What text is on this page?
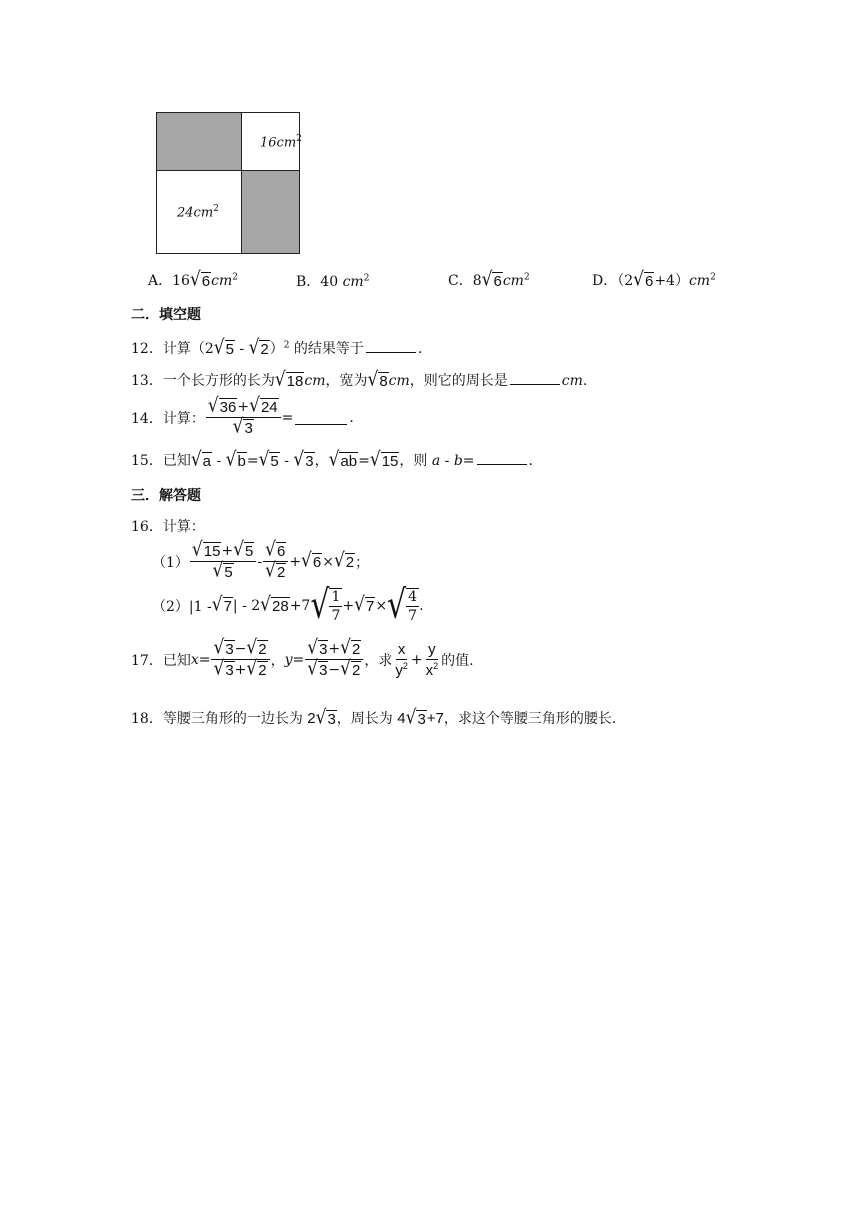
$16cm^2$
$24cm^2$
A．16 √ 6 $cm^2$	B．40 $cm^2$	C．8 √ 6 $cm^2$	D．（2 √ $6 +4)cm^2$
二．填空题
12．计算（2 √ 5 - √ 2 ）$^2$ 的结果等于	.
13．一个长方形的长为 √ 18 cm，宽为 √ 8 cm，则它的周长是	cm.
14．计算： $\frac{√ 36 + √ 24}{√ 3}$ =	.
15．已知 √ a - √ b = √ 5 - √ 3 ， √ ab = √ 15 ，则 a - b=	.
三．解答题
16．计算：
$(1) \frac{√ 15 + √ 5}{√ 5} - \frac{√ 6}{√ 2}$ + √ 6 × √ 2 ；
（2）|1 - √ 7 | - 2 √ 28 +7 √ $\frac{1}{7}$ + √ 7 × √ $\frac{4}{7}$ .
17．已知 $x = \frac{√ 3 - √ 2}{√ 3 + √ 2}$ ， $y = \frac{√ 3 + √ 2}{√ 3 - √ 2}$ ，求 $\frac{x}{y^2} + \frac{y}{x^2}$ 的值.
18．等腰三角形的一边长为 2 √ 3 ，周长为 4 √ 3 +7，求这个等腰三角形的腰长.
